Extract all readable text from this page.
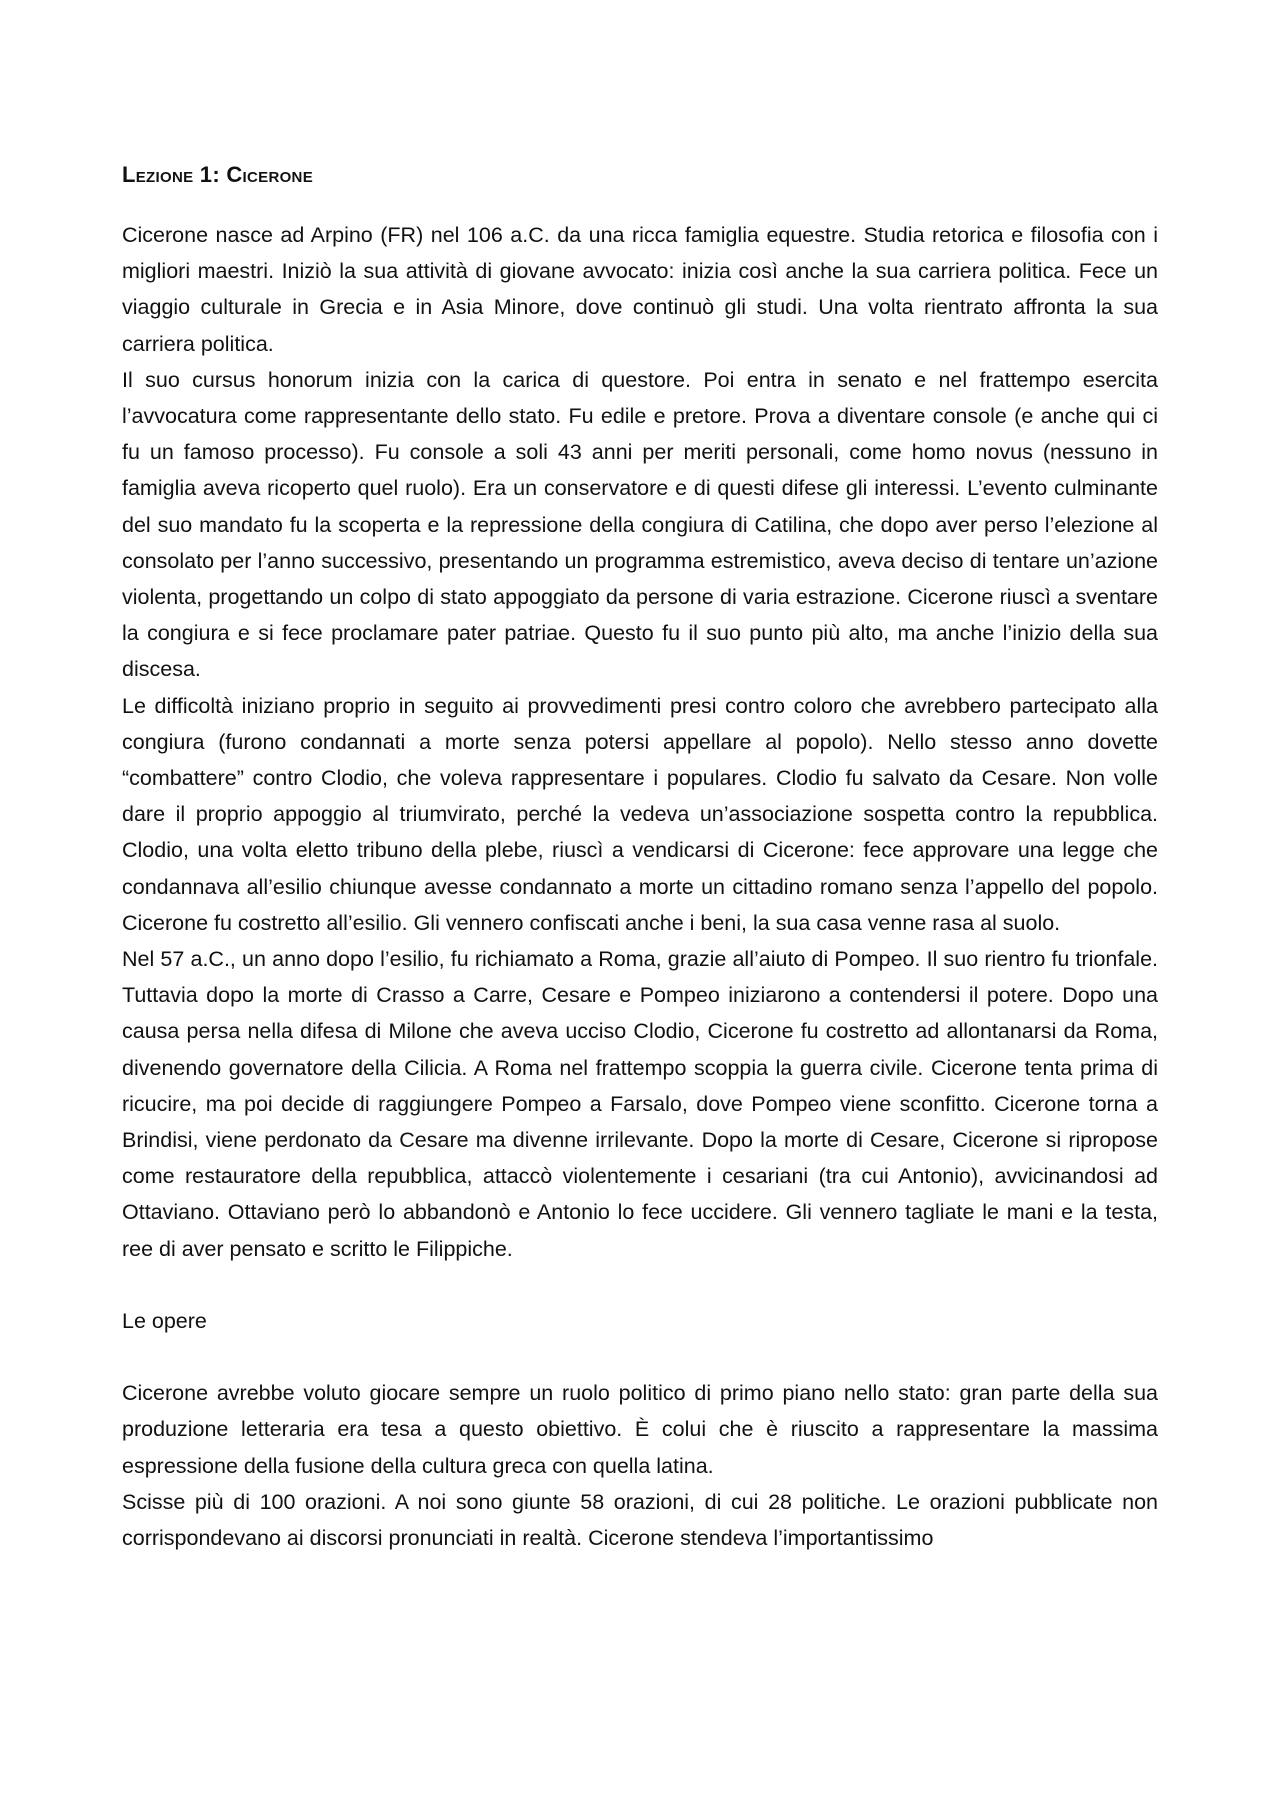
Lezione 1: Cicerone

Cicerone nasce ad Arpino (FR) nel 106 a.C. da una ricca famiglia equestre. Studia retorica e filosofia con i migliori maestri. Iniziò la sua attività di giovane avvocato: inizia così anche la sua carriera politica. Fece un viaggio culturale in Grecia e in Asia Minore, dove continuò gli studi. Una volta rientrato affronta la sua carriera politica.

Il suo cursus honorum inizia con la carica di questore. Poi entra in senato e nel frattempo esercita l’avvocatura come rappresentante dello stato. Fu edile e pretore. Prova a diventare console (e anche qui ci fu un famoso processo). Fu console a soli 43 anni per meriti personali, come homo novus (nessuno in famiglia aveva ricoperto quel ruolo). Era un conservatore e di questi difese gli interessi. L’evento culminante del suo mandato fu la scoperta e la repressione della congiura di Catilina, che dopo aver perso l’elezione al consolato per l’anno successivo, presentando un programma estremistico, aveva deciso di tentare un’azione violenta, progettando un colpo di stato appoggiato da persone di varia estrazione. Cicerone riuscì a sventare la congiura e si fece proclamare pater patriae. Questo fu il suo punto più alto, ma anche l’inizio della sua discesa.

Le difficoltà iniziano proprio in seguito ai provvedimenti presi contro coloro che avrebbero partecipato alla congiura (furono condannati a morte senza potersi appellare al popolo). Nello stesso anno dovette “combattere” contro Clodio, che voleva rappresentare i populares. Clodio fu salvato da Cesare. Non volle dare il proprio appoggio al triumvirato, perché la vedeva un’associazione sospetta contro la repubblica. Clodio, una volta eletto tribuno della plebe, riuscì a vendicarsi di Cicerone: fece approvare una legge che condannava all’esilio chiunque avesse condannato a morte un cittadino romano senza l’appello del popolo. Cicerone fu costretto all’esilio. Gli vennero confiscati anche i beni, la sua casa venne rasa al suolo.

Nel 57 a.C., un anno dopo l’esilio, fu richiamato a Roma, grazie all’aiuto di Pompeo. Il suo rientro fu trionfale. Tuttavia dopo la morte di Crasso a Carre, Cesare e Pompeo iniziarono a contendersi il potere. Dopo una causa persa nella difesa di Milone che aveva ucciso Clodio, Cicerone fu costretto ad allontanarsi da Roma, divenendo governatore della Cilicia. A Roma nel frattempo scoppia la guerra civile. Cicerone tenta prima di ricucire, ma poi decide di raggiungere Pompeo a Farsalo, dove Pompeo viene sconfitto. Cicerone torna a Brindisi, viene perdonato da Cesare ma divenne irrilevante. Dopo la morte di Cesare, Cicerone si ripropose come restauratore della repubblica, attaccò violentemente i cesariani (tra cui Antonio), avvicinandosi ad Ottaviano. Ottaviano però lo abbandonò e Antonio lo fece uccidere. Gli vennero tagliate le mani e la testa, ree di aver pensato e scritto le Filippiche.

Le opere

Cicerone avrebbe voluto giocare sempre un ruolo politico di primo piano nello stato: gran parte della sua produzione letteraria era tesa a questo obiettivo. È colui che è riuscito a rappresentare la massima espressione della fusione della cultura greca con quella latina.

Scisse più di 100 orazioni. A noi sono giunte 58 orazioni, di cui 28 politiche. Le orazioni pubblicate non corrispondevano ai discorsi pronunciati in realtà. Cicerone stendeva l’importantissimo
